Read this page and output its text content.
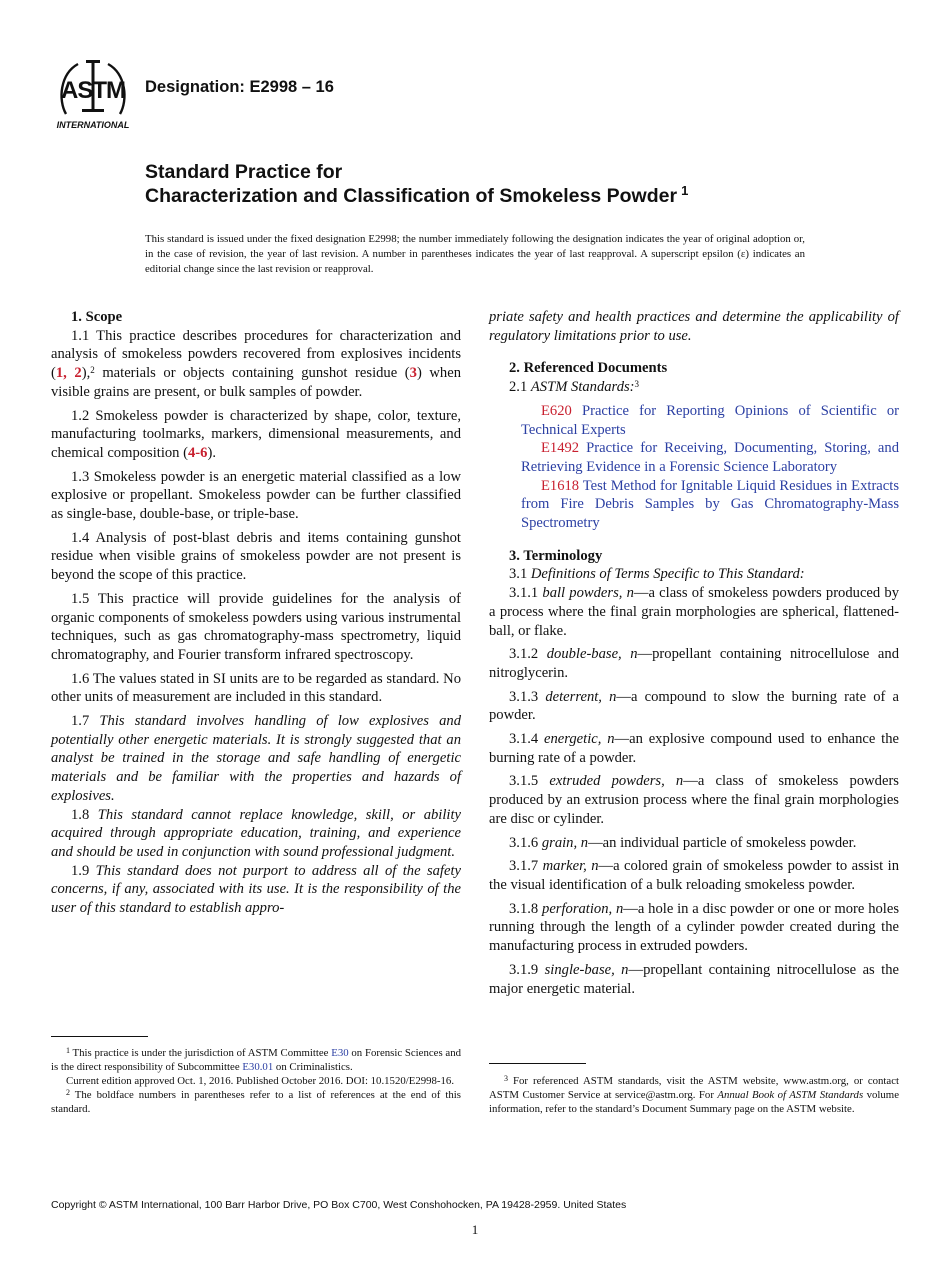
ASTM
INTERNATIONAL
Designation: E2998 – 16
Standard Practice for
Characterization and Classification of Smokeless Powder $^1$
This standard is issued under the fixed designation E2998; the number immediately following the designation indicates the year of original adoption or, in the case of revision, the year of last revision. A number in parentheses indicates the year of last reapproval. A superscript epsilon (ε) indicates an editorial change since the last revision or reapproval.

1. Scope

1.1 This practice describes procedures for characterization and analysis of smokeless powders recovered from explosives incidents (1, 2),$^2$ materials or objects containing gunshot residue (3) when visible grains are present, or bulk samples of powder.

1.2 Smokeless powder is characterized by shape, color, texture, manufacturing toolmarks, markers, dimensional measurements, and chemical composition (4-6).

1.3 Smokeless powder is an energetic material classified as a low explosive or propellant. Smokeless powder can be further classified as single-base, double-base, or triple-base.

1.4 Analysis of post-blast debris and items containing gunshot residue when visible grains of smokeless powder are not present is beyond the scope of this practice.

1.5 This practice will provide guidelines for the analysis of organic components of smokeless powders using various instrumental techniques, such as gas chromatography-mass spectrometry, liquid chromatography, and Fourier transform infrared spectroscopy.

1.6 The values stated in SI units are to be regarded as standard. No other units of measurement are included in this standard.

1.7 This standard involves handling of low explosives and potentially other energetic materials. It is strongly suggested that an analyst be trained in the storage and safe handling of energetic materials and be familiar with the properties and hazards of explosives.

1.8 This standard cannot replace knowledge, skill, or ability acquired through appropriate education, training, and experience and should be used in conjunction with sound professional judgment.

1.9 This standard does not purport to address all of the safety concerns, if any, associated with its use. It is the responsibility of the user of this standard to establish appro-

priate safety and health practices and determine the applicability of regulatory limitations prior to use.

2. Referenced Documents

2.1 ASTM Standards:$^3$

E620 Practice for Reporting Opinions of Scientific or Technical Experts

E1492 Practice for Receiving, Documenting, Storing, and Retrieving Evidence in a Forensic Science Laboratory

E1618 Test Method for Ignitable Liquid Residues in Extracts from Fire Debris Samples by Gas Chromatography-Mass Spectrometry

3. Terminology

3.1 Definitions of Terms Specific to This Standard:

3.1.1 ball powders, n—a class of smokeless powders produced by a process where the final grain morphologies are spherical, flattened-ball, or flake.

3.1.2 double-base, n—propellant containing nitrocellulose and nitroglycerin.

3.1.3 deterrent, n—a compound to slow the burning rate of a powder.

3.1.4 energetic, n—an explosive compound used to enhance the burning rate of a powder.

3.1.5 extruded powders, n—a class of smokeless powders produced by an extrusion process where the final grain morphologies are disc or cylinder.

3.1.6 grain, n—an individual particle of smokeless powder.

3.1.7 marker, n—a colored grain of smokeless powder to assist in the visual identification of a bulk reloading smokeless powder.

3.1.8 perforation, n—a hole in a disc powder or one or more holes running through the length of a cylinder powder created during the manufacturing process in extruded powders.

3.1.9 single-base, n—propellant containing nitrocellulose as the major energetic material.

$^1$ This practice is under the jurisdiction of ASTM Committee E30 on Forensic Sciences and is the direct responsibility of Subcommittee E30.01 on Criminalistics.

Current edition approved Oct. 1, 2016. Published October 2016. DOI: 10.1520/E2998-16.

$^2$ The boldface numbers in parentheses refer to a list of references at the end of this standard.

$^3$ For referenced ASTM standards, visit the ASTM website, www.astm.org, or contact ASTM Customer Service at service@astm.org. For Annual Book of ASTM Standards volume information, refer to the standard’s Document Summary page on the ASTM website.

Copyright © ASTM International, 100 Barr Harbor Drive, PO Box C700, West Conshohocken, PA 19428-2959. United States
1
